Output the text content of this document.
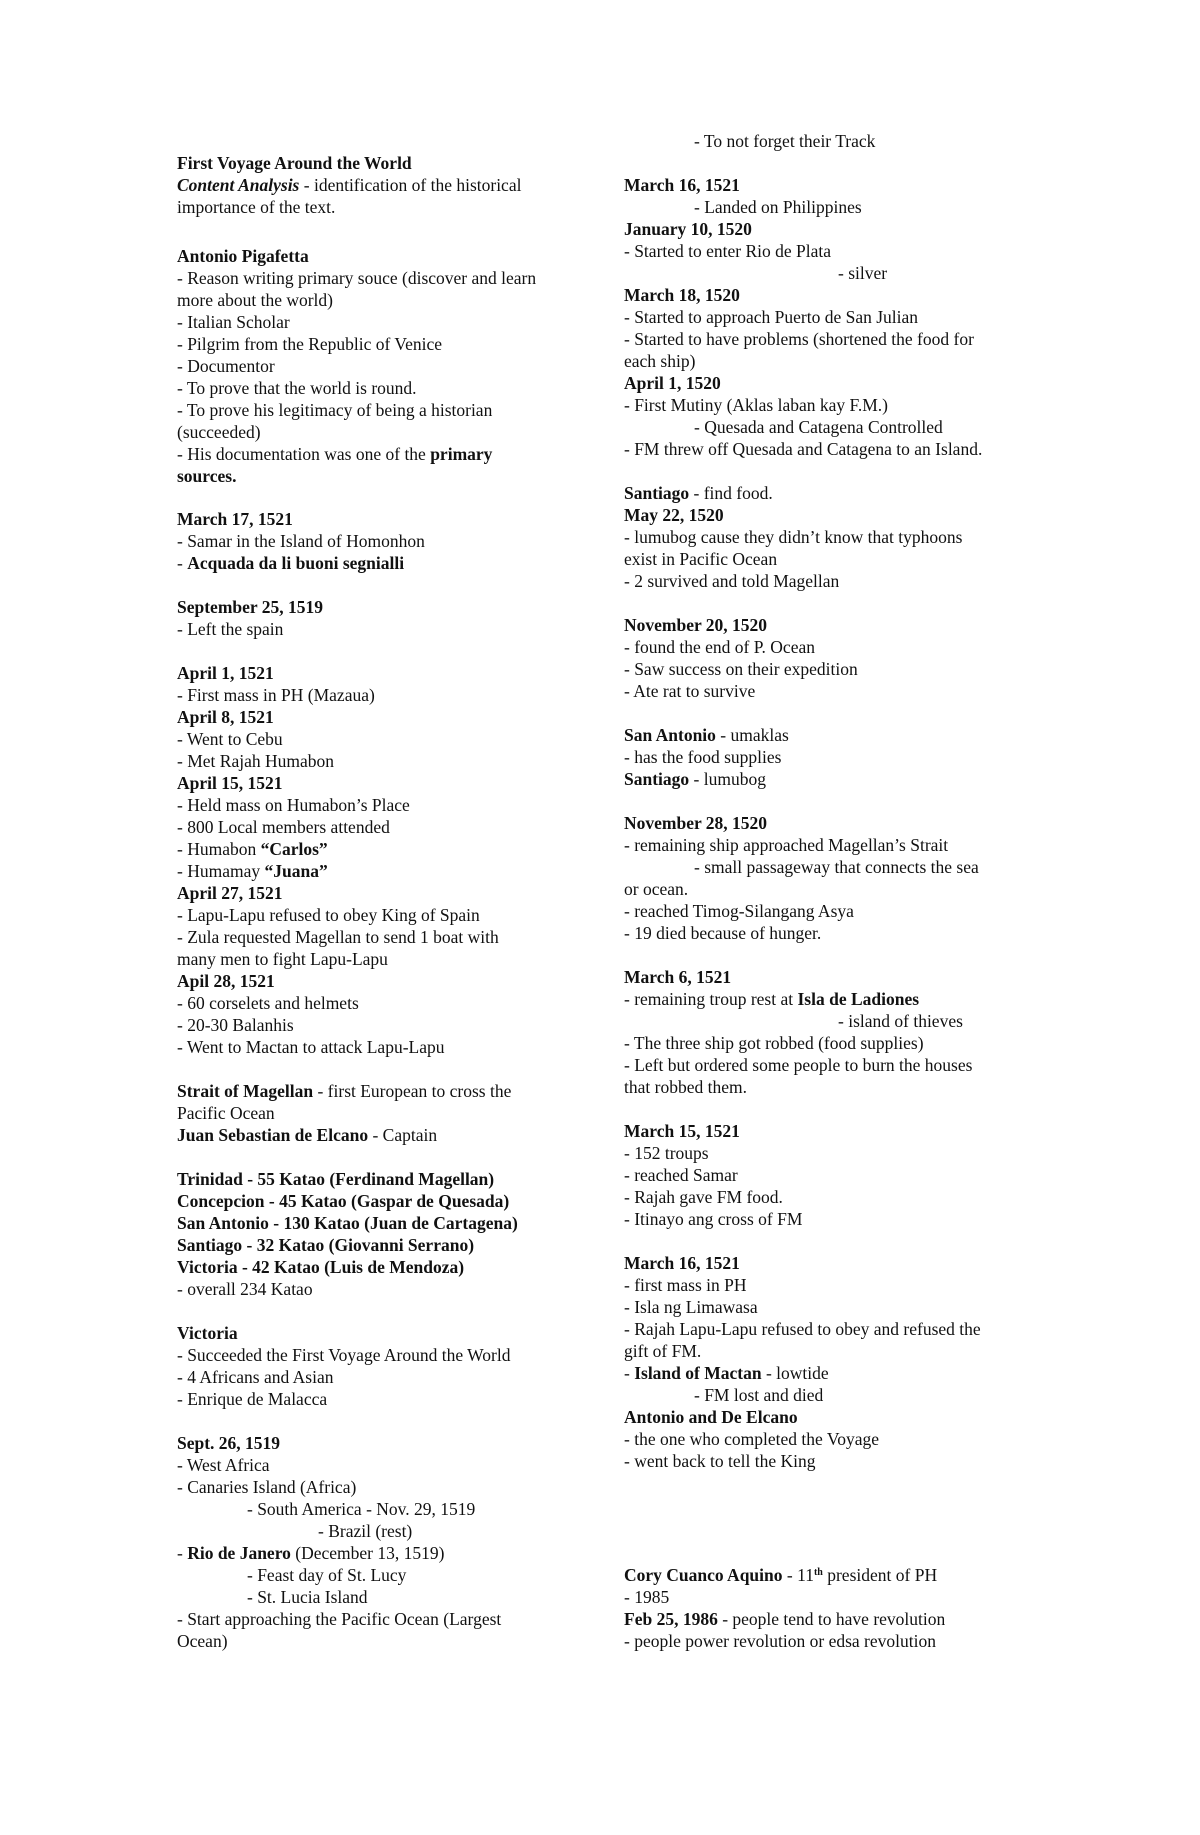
First Voyage Around the World
Content Analysis - identification of the historical
importance of the text.
Antonio Pigafetta
- Reason writing primary souce (discover and learn
more about the world)
- Italian Scholar
- Pilgrim from the Republic of Venice
- Documentor
- To prove that the world is round.
- To prove his legitimacy of being a historian
(succeeded)
- His documentation was one of the primary
sources.
March 17, 1521
- Samar in the Island of Homonhon
- Acquada da li buoni segnialli
September 25, 1519
- Left the spain
April 1, 1521
- First mass in PH (Mazaua)
April 8, 1521
- Went to Cebu
- Met Rajah Humabon
April 15, 1521
- Held mass on Humabon’s Place
- 800 Local members attended
- Humabon “Carlos”
- Humamay “Juana”
April 27, 1521
- Lapu-Lapu refused to obey King of Spain
- Zula requested Magellan to send 1 boat with
many men to fight Lapu-Lapu
Apil 28, 1521
- 60 corselets and helmets
- 20-30 Balanhis
- Went to Mactan to attack Lapu-Lapu
Strait of Magellan - first European to cross the
Pacific Ocean
Juan Sebastian de Elcano - Captain
Trinidad - 55 Katao (Ferdinand Magellan)
Concepcion - 45 Katao (Gaspar de Quesada)
San Antonio - 130 Katao (Juan de Cartagena)
Santiago - 32 Katao (Giovanni Serrano)
Victoria - 42 Katao (Luis de Mendoza)
- overall 234 Katao
Victoria
- Succeeded the First Voyage Around the World
- 4 Africans and Asian
- Enrique de Malacca
Sept. 26, 1519
- West Africa
- Canaries Island (Africa)
- South America - Nov. 29, 1519
- Brazil (rest)
- Rio de Janero (December 13, 1519)
- Feast day of St. Lucy
- St. Lucia Island
- Start approaching the Pacific Ocean (Largest
Ocean)
- To not forget their Track
March 16, 1521
- Landed on Philippines
January 10, 1520
- Started to enter Rio de Plata
- silver
March 18, 1520
- Started to approach Puerto de San Julian
- Started to have problems (shortened the food for
each ship)
April 1, 1520
- First Mutiny (Aklas laban kay F.M.)
- Quesada and Catagena Controlled
- FM threw off Quesada and Catagena to an Island.
Santiago - find food.
May 22, 1520
- lumubog cause they didn’t know that typhoons
exist in Pacific Ocean
- 2 survived and told Magellan
November 20, 1520
- found the end of P. Ocean
- Saw success on their expedition
- Ate rat to survive
San Antonio - umaklas
- has the food supplies
Santiago - lumubog
November 28, 1520
- remaining ship approached Magellan’s Strait
- small passageway that connects the sea
or ocean.
- reached Timog-Silangang Asya
- 19 died because of hunger.
March 6, 1521
- remaining troup rest at Isla de Ladiones
- island of thieves
- The three ship got robbed (food supplies)
- Left but ordered some people to burn the houses
that robbed them.
March 15, 1521
- 152 troups
- reached Samar
- Rajah gave FM food.
- Itinayo ang cross of FM
March 16, 1521
- first mass in PH
- Isla ng Limawasa
- Rajah Lapu-Lapu refused to obey and refused the
gift of FM.
- Island of Mactan - lowtide
- FM lost and died
Antonio and De Elcano
- the one who completed the Voyage
- went back to tell the King
Cory Cuanco Aquino - 11th president of PH
- 1985
Feb 25, 1986 - people tend to have revolution
- people power revolution or edsa revolution
